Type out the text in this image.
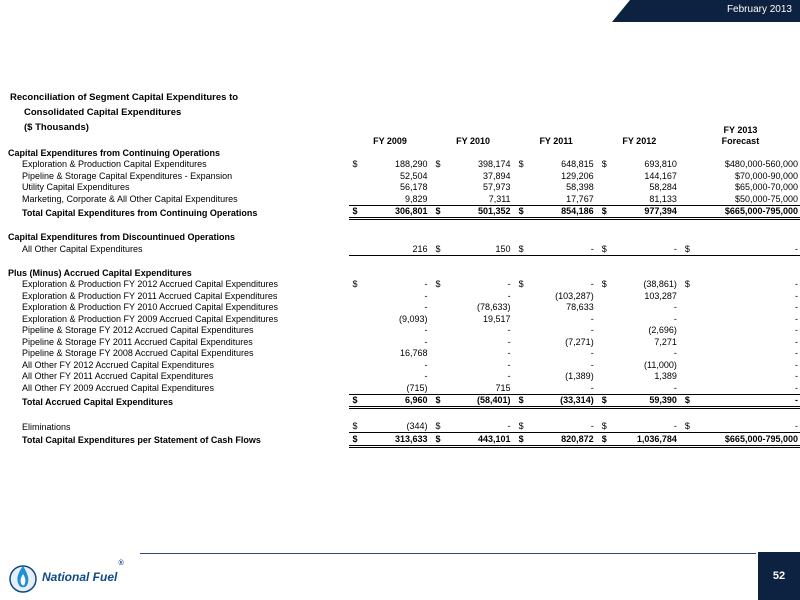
February 2013
Reconciliation of Segment Capital Expenditures to
Consolidated Capital Expenditures
($ Thousands)
						FY 2013
	FY 2009	FY 2010	FY 2011	FY 2012	Forecast
Capital Expenditures from Continuing Operations					
Exploration & Production Capital Expenditures	$ 188,290	$ 398,174	$ 648,815	$ 693,810	$480,000-560,000

Pipeline & Storage Capital Expenditures - Expansion	52,504	37,894	129,206	144,167	$70,000-90,000

Utility Capital Expenditures	56,178	57,973	58,398	58,284	$65,000-70,000

Marketing, Corporate & All Other Capital Expenditures	9,829	7,311	17,767	81,133	$50,000-75,000

Total Capital Expenditures from Continuing Operations	$ 306,801	$ 501,352	$ 854,186	$ 977,394	$665,000-795,000

Capital Expenditures from Discountinued Operations					
All Other Capital Expenditures	216	$ 150	$ -	$ -	$ -

Plus (Minus) Accrued Capital Expenditures					
Exploration & Production FY 2012 Accrued Capital Expenditures	$ -	$ -	$ -	$ (38,861)	$ -

Exploration & Production FY 2011 Accrued Capital Expenditures	-	-	(103,287)	103,287	-

Exploration & Production FY 2010 Accrued Capital Expenditures	-	(78,633)	78,633	-	-

Exploration & Production FY 2009 Accrued Capital Expenditures	(9,093)	19,517	-	-	-

Pipeline & Storage FY 2012 Accrued Capital Expenditures	-	-	-	(2,696)	-

Pipeline & Storage FY 2011 Accrued Capital Expenditures	-	-	(7,271)	7,271	-

Pipeline & Storage FY 2008 Accrued Capital Expenditures	16,768	-	-	-	-

All Other FY 2012 Accrued Capital Expenditures	-	-	-	(11,000)	-

All Other FY 2011 Accrued Capital Expenditures	-	-	(1,389)	1,389	-

All Other FY 2009 Accrued Capital Expenditures	(715)	715	-	-	-

Total Accrued Capital Expenditures	$ 6,960	$ (58,401)	$ (33,314)	$ 59,390	$ -

Eliminations	$ (344)	$ -	$ -	$ -	$ -

Total Capital Expenditures per Statement of Cash Flows	$ 313,633	$ 443,101	$ 820,872	$ 1,036,784	$665,000-795,000
National Fuel
®
52
